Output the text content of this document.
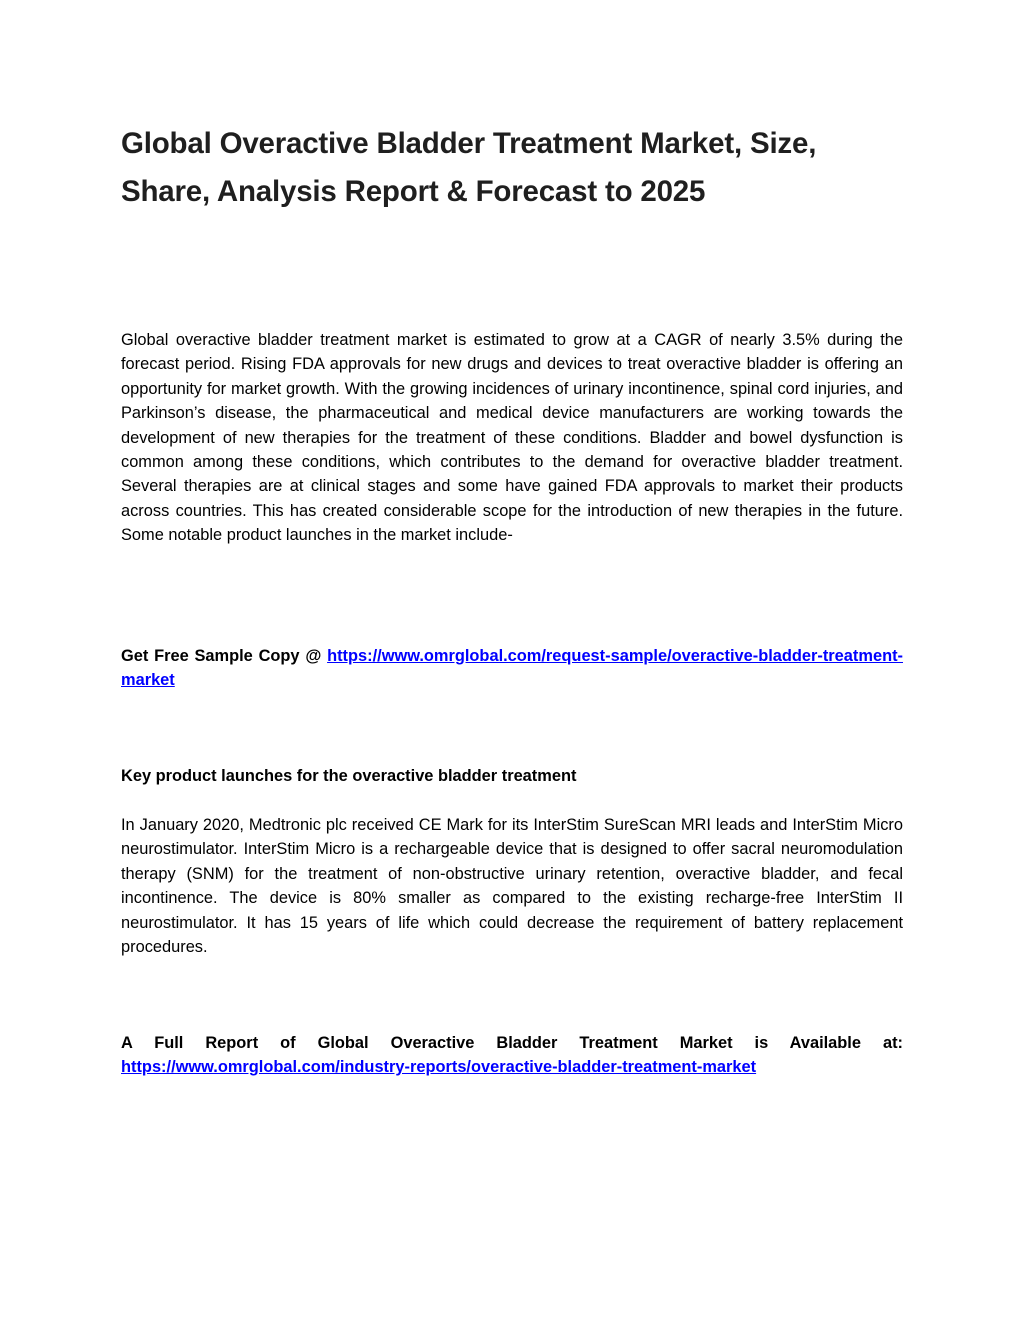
Global Overactive Bladder Treatment Market, Size, Share, Analysis Report & Forecast to 2025

Global overactive bladder treatment market is estimated to grow at a CAGR of nearly 3.5% during the forecast period. Rising FDA approvals for new drugs and devices to treat overactive bladder is offering an opportunity for market growth. With the growing incidences of urinary incontinence, spinal cord injuries, and Parkinson’s disease, the pharmaceutical and medical device manufacturers are working towards the development of new therapies for the treatment of these conditions. Bladder and bowel dysfunction is common among these conditions, which contributes to the demand for overactive bladder treatment. Several therapies are at clinical stages and some have gained FDA approvals to market their products across countries. This has created considerable scope for the introduction of new therapies in the future. Some notable product launches in the market include-

Get Free Sample Copy @ https://www.omrglobal.com/request-sample/overactive-bladder-treatment-market

Key product launches for the overactive bladder treatment

In January 2020, Medtronic plc received CE Mark for its InterStim SureScan MRI leads and InterStim Micro neurostimulator. InterStim Micro is a rechargeable device that is designed to offer sacral neuromodulation therapy (SNM) for the treatment of non-obstructive urinary retention, overactive bladder, and fecal incontinence. The device is 80% smaller as compared to the existing recharge-free InterStim II neurostimulator. It has 15 years of life which could decrease the requirement of battery replacement procedures.

A Full Report of Global Overactive Bladder Treatment Market is Available at:
https://www.omrglobal.com/industry-reports/overactive-bladder-treatment-market
